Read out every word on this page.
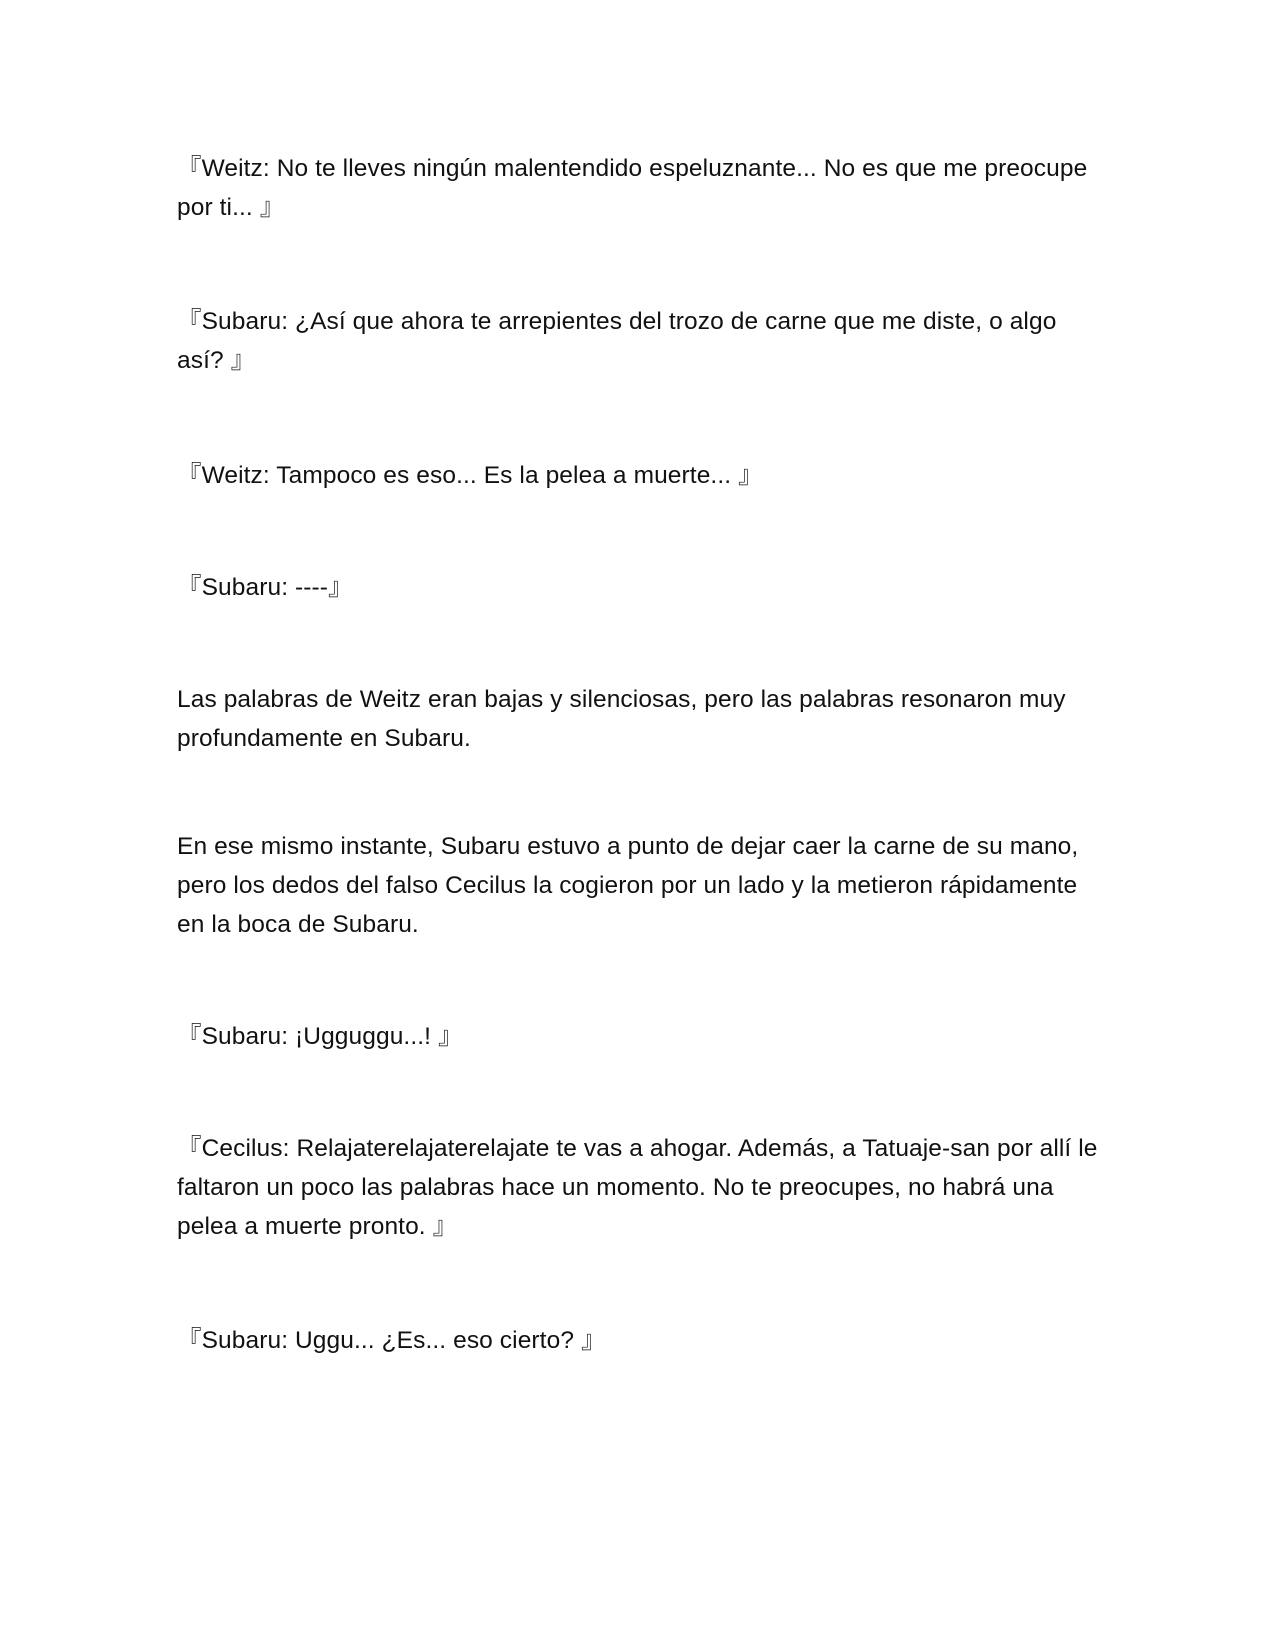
『Weitz: No te lleves ningún malentendido espeluznante... No es que me preocupe por ti... 』

『Subaru: ¿Así que ahora te arrepientes del trozo de carne que me diste, o algo así? 』

『Weitz: Tampoco es eso... Es la pelea a muerte... 』

『Subaru: ----』

Las palabras de Weitz eran bajas y silenciosas, pero las palabras resonaron muy profundamente en Subaru.

En ese mismo instante, Subaru estuvo a punto de dejar caer la carne de su mano, pero los dedos del falso Cecilus la cogieron por un lado y la metieron rápidamente en la boca de Subaru.

『Subaru: ¡Ugguggu...! 』

『Cecilus: Relajaterelajaterelajate te vas a ahogar. Además, a Tatuaje-san por allí le faltaron un poco las palabras hace un momento. No te preocupes, no habrá una pelea a muerte pronto. 』

『Subaru: Uggu... ¿Es... eso cierto? 』
